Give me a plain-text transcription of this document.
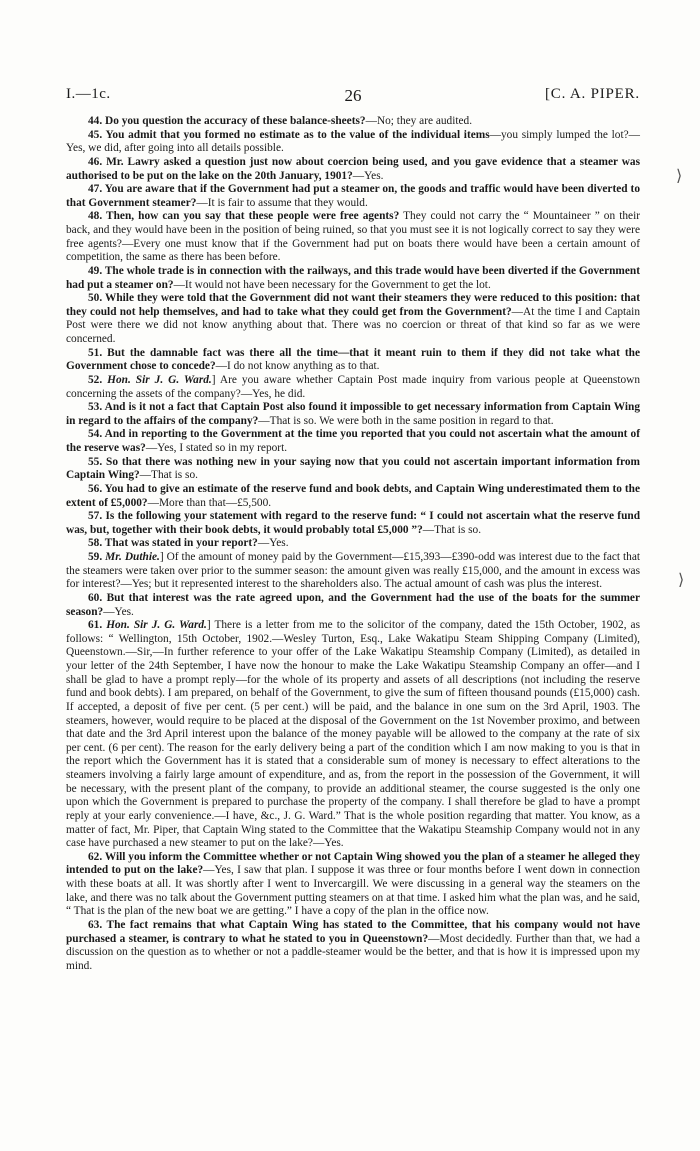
I.—1c.	26	[C. A. PIPER.
⟩
⟩

44. Do you question the accuracy of these balance-sheets?—No; they are audited.

45. You admit that you formed no estimate as to the value of the individual items—you simply lumped the lot?—Yes, we did, after going into all details possible.

46. Mr. Lawry asked a question just now about coercion being used, and you gave evidence that a steamer was authorised to be put on the lake on the 20th January, 1901?—Yes.

47. You are aware that if the Government had put a steamer on, the goods and traffic would have been diverted to that Government steamer?—It is fair to assume that they would.

48. Then, how can you say that these people were free agents? They could not carry the “ Mountaineer ” on their back, and they would have been in the position of being ruined, so that you must see it is not logically correct to say they were free agents?—Every one must know that if the Government had put on boats there would have been a certain amount of competition, the same as there has been before.

49. The whole trade is in connection with the railways, and this trade would have been diverted if the Government had put a steamer on?—It would not have been necessary for the Government to get the lot.

50. While they were told that the Government did not want their steamers they were reduced to this position: that they could not help themselves, and had to take what they could get from the Government?—At the time I and Captain Post were there we did not know anything about that. There was no coercion or threat of that kind so far as we were concerned.

51. But the damnable fact was there all the time—that it meant ruin to them if they did not take what the Government chose to concede?—I do not know anything as to that.

52. Hon. Sir J. G. Ward.] Are you aware whether Captain Post made inquiry from various people at Queenstown concerning the assets of the company?—Yes, he did.

53. And is it not a fact that Captain Post also found it impossible to get necessary information from Captain Wing in regard to the affairs of the company?—That is so. We were both in the same position in regard to that.

54. And in reporting to the Government at the time you reported that you could not ascertain what the amount of the reserve was?—Yes, I stated so in my report.

55. So that there was nothing new in your saying now that you could not ascertain important information from Captain Wing?—That is so.

56. You had to give an estimate of the reserve fund and book debts, and Captain Wing underestimated them to the extent of £5,000?—More than that—£5,500.

57. Is the following your statement with regard to the reserve fund: “ I could not ascertain what the reserve fund was, but, together with their book debts, it would probably total £5,000 ”?—That is so.

58. That was stated in your report?—Yes.

59. Mr. Duthie.] Of the amount of money paid by the Government—£15,393—£390-odd was interest due to the fact that the steamers were taken over prior to the summer season: the amount given was really £15,000, and the amount in excess was for interest?—Yes; but it represented interest to the shareholders also. The actual amount of cash was plus the interest.

60. But that interest was the rate agreed upon, and the Government had the use of the boats for the summer season?—Yes.

61. Hon. Sir J. G. Ward.] There is a letter from me to the solicitor of the company, dated the 15th October, 1902, as follows: “ Wellington, 15th October, 1902.—Wesley Turton, Esq., Lake Wakatipu Steam Shipping Company (Limited), Queenstown.—Sir,—In further reference to your offer of the Lake Wakatipu Steamship Company (Limited), as detailed in your letter of the 24th September, I have now the honour to make the Lake Wakatipu Steamship Company an offer—and I shall be glad to have a prompt reply—for the whole of its property and assets of all descriptions (not including the reserve fund and book debts). I am prepared, on behalf of the Government, to give the sum of fifteen thousand pounds (£15,000) cash. If accepted, a deposit of five per cent. (5 per cent.) will be paid, and the balance in one sum on the 3rd April, 1903. The steamers, however, would require to be placed at the disposal of the Government on the 1st November proximo, and between that date and the 3rd April interest upon the balance of the money payable will be allowed to the company at the rate of six per cent. (6 per cent). The reason for the early delivery being a part of the condition which I am now making to you is that in the report which the Government has it is stated that a considerable sum of money is necessary to effect alterations to the steamers involving a fairly large amount of expenditure, and as, from the report in the possession of the Government, it will be necessary, with the present plant of the company, to provide an additional steamer, the course suggested is the only one upon which the Government is prepared to purchase the property of the company. I shall therefore be glad to have a prompt reply at your early convenience.—I have, &c., J. G. Ward.” That is the whole position regarding that matter. You know, as a matter of fact, Mr. Piper, that Captain Wing stated to the Committee that the Wakatipu Steamship Company would not in any case have purchased a new steamer to put on the lake?—Yes.

62. Will you inform the Committee whether or not Captain Wing showed you the plan of a steamer he alleged they intended to put on the lake?—Yes, I saw that plan. I suppose it was three or four months before I went down in connection with these boats at all. It was shortly after I went to Invercargill. We were discussing in a general way the steamers on the lake, and there was no talk about the Government putting steamers on at that time. I asked him what the plan was, and he said, “ That is the plan of the new boat we are getting.” I have a copy of the plan in the office now.

63. The fact remains that what Captain Wing has stated to the Committee, that his company would not have purchased a steamer, is contrary to what he stated to you in Queenstown?—Most decidedly. Further than that, we had a discussion on the question as to whether or not a paddle-steamer would be the better, and that is how it is impressed upon my mind.
